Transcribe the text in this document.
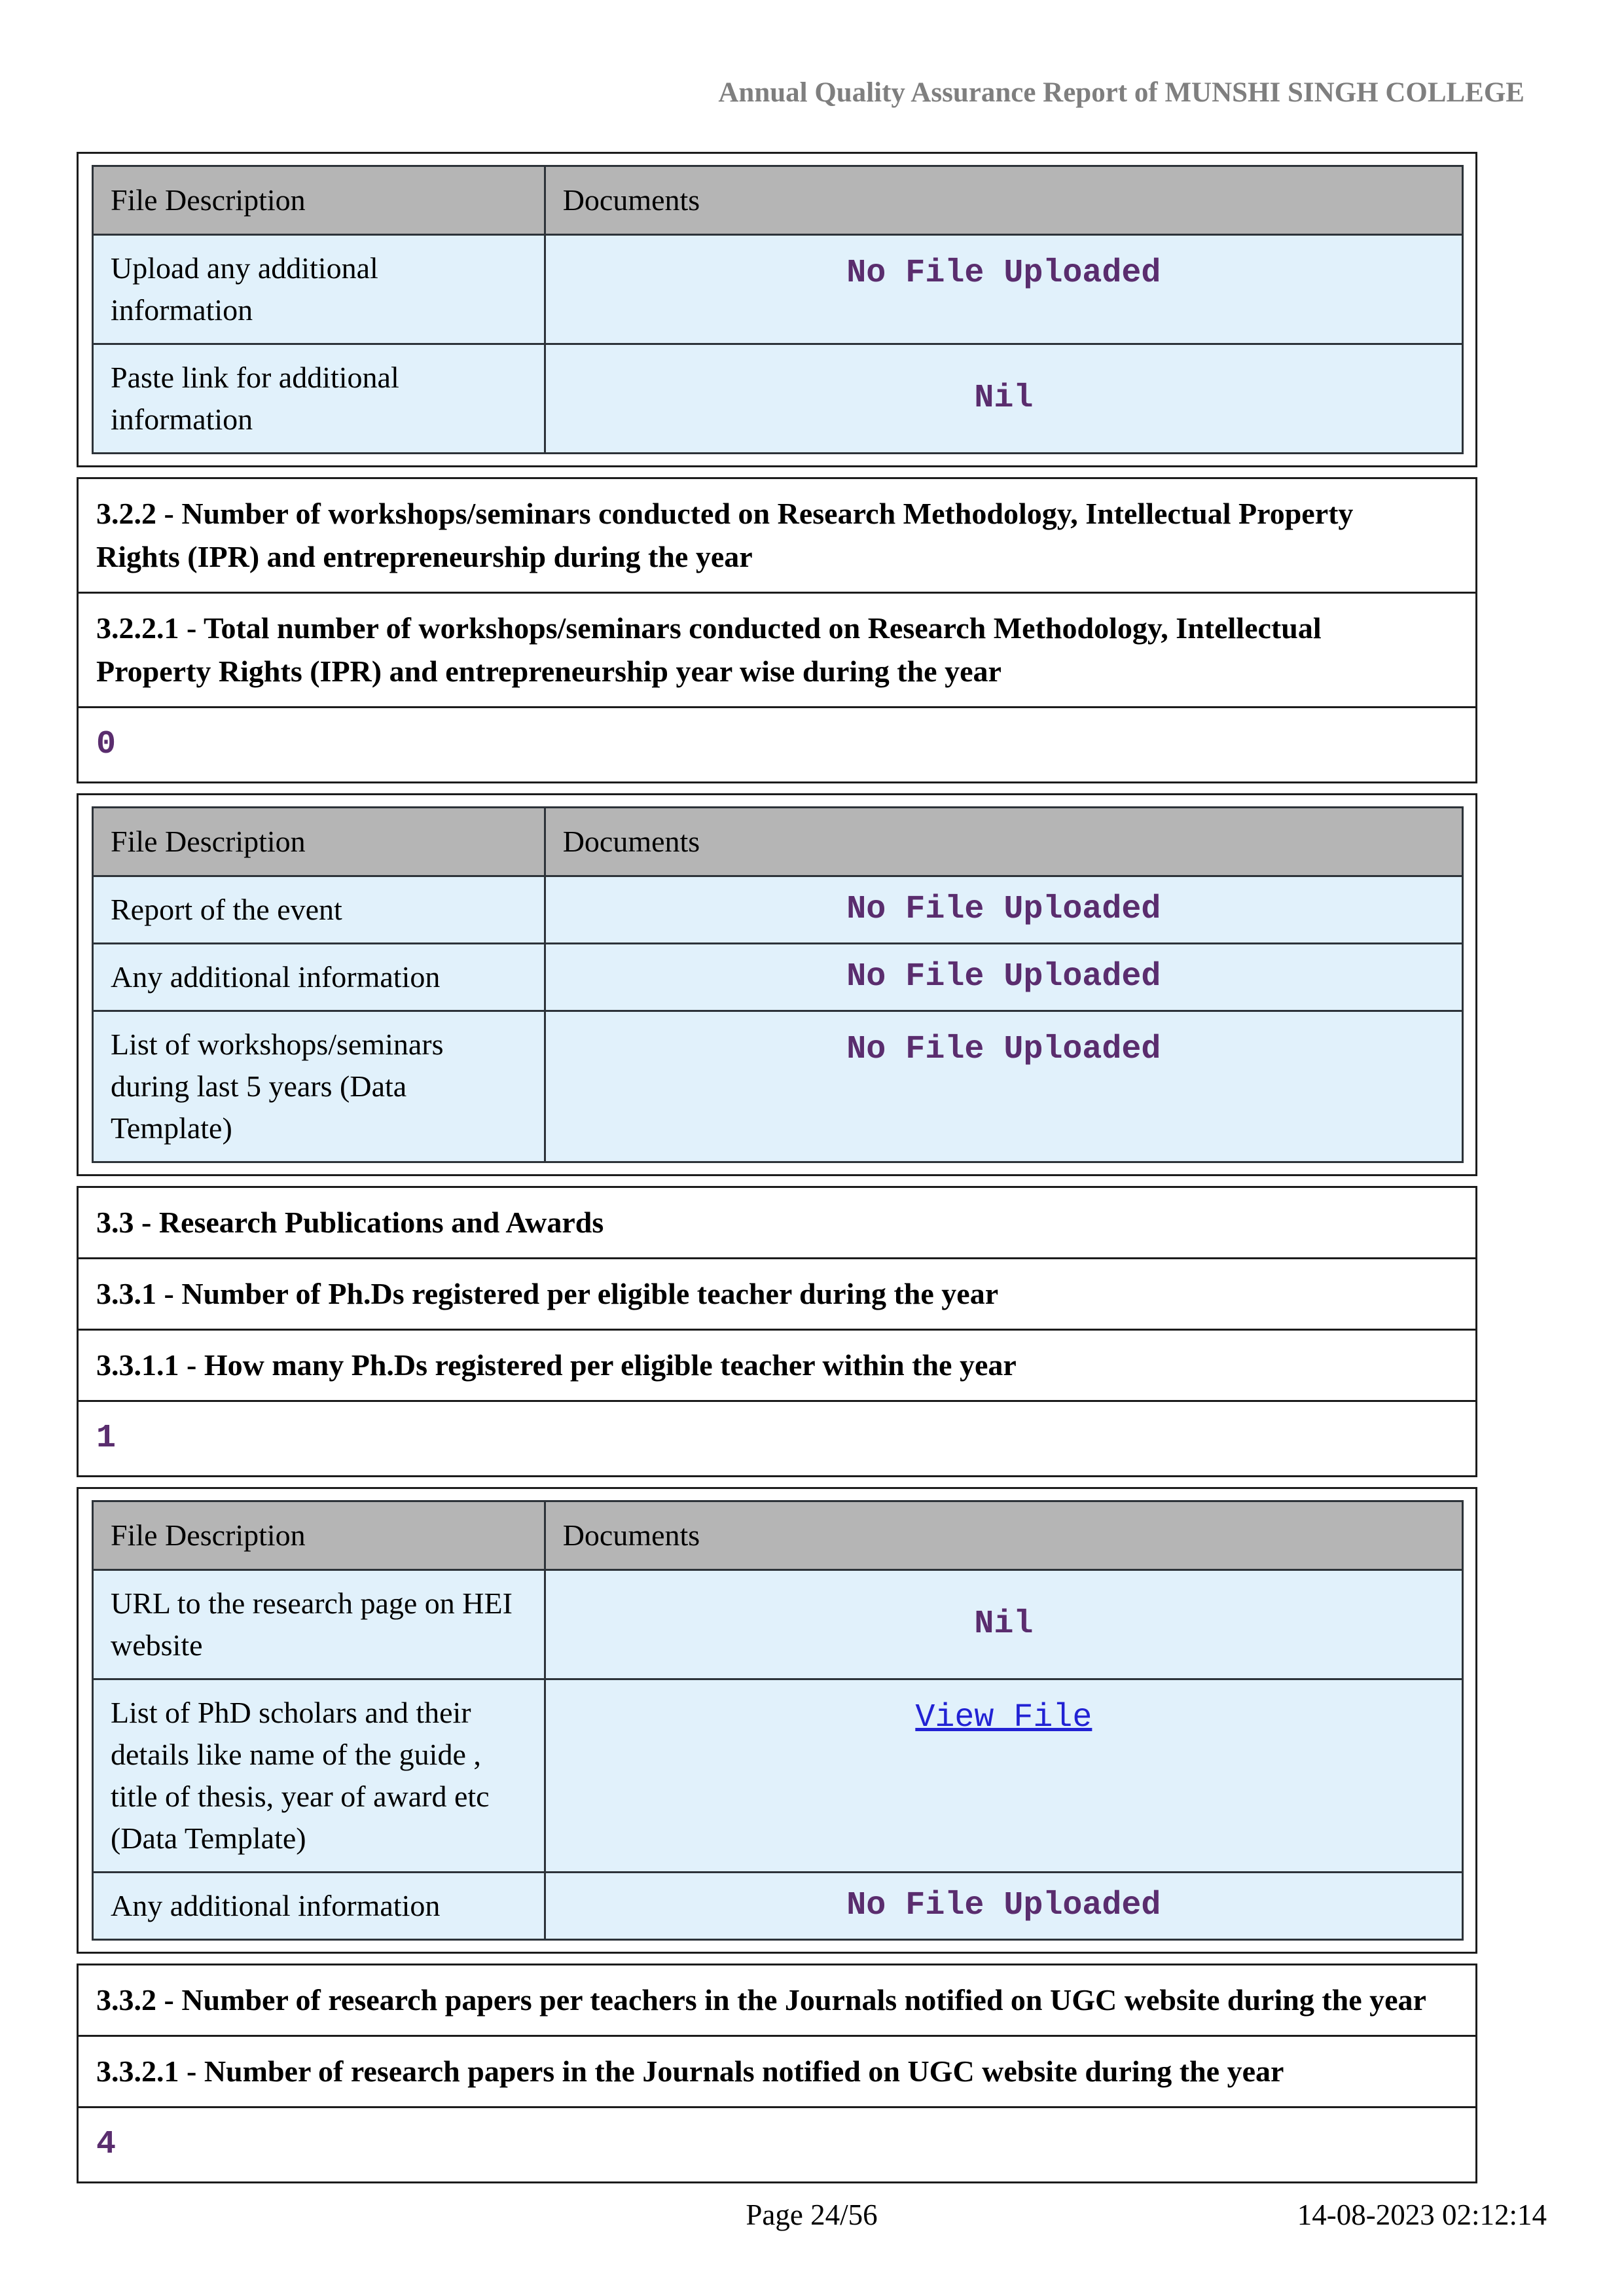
Annual Quality Assurance Report of MUNSHI SINGH COLLEGE
File Description	Documents
Upload any additional information	No File Uploaded
Paste link for additional information	Nil
3.2.2 - Number of workshops/seminars conducted on Research Methodology, Intellectual Property Rights (IPR) and entrepreneurship during the year
3.2.2.1 - Total number of workshops/seminars conducted on Research Methodology, Intellectual Property Rights (IPR) and entrepreneurship year wise during the year
0
File Description	Documents
Report of the event	No File Uploaded
Any additional information	No File Uploaded
List of workshops/seminars during last 5 years (Data Template)	No File Uploaded
3.3 - Research Publications and Awards
3.3.1 - Number of Ph.Ds registered per eligible teacher during the year
3.3.1.1 - How many Ph.Ds registered per eligible teacher within the year
1
File Description	Documents
URL to the research page on HEI website	Nil
List of PhD scholars and their details like name of the guide , title of thesis, year of award etc (Data Template)	View File
Any additional information	No File Uploaded
3.3.2 - Number of research papers per teachers in the Journals notified on UGC website during the year
3.3.2.1 - Number of research papers in the Journals notified on UGC website during the year
4
Page 24/56	14-08-2023 02:12:14
